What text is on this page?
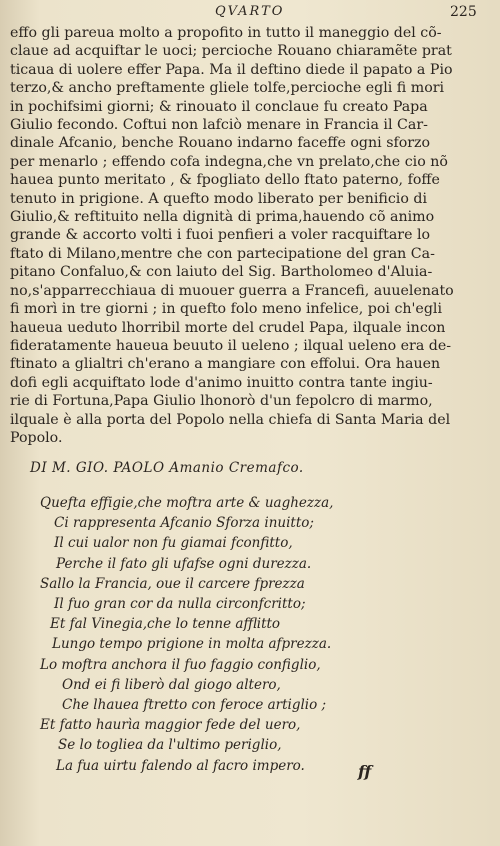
QVARTO	225

effo gli pareua molto a propofito in tutto il maneggio del cõ-
claue ad acquiftar le uoci; percioche Rouano chiaramẽte prat
ticaua di uolere effer Papa. Ma il deftino diede il papato a Pio
terzo,& ancho preftamente gliele tolfe,percioche egli fi mori
in pochifsimi giorni; & rinouato il conclaue fu creato Papa
Giulio fecondo. Coftui non lafciò menare in Francia il Car-
dinale Afcanio, benche Rouano indarno faceffe ogni sforzo
per menarlo ; effendo cofa indegna,che vn prelato,che cio nõ
haueа punto meritato , & fpogliato dello ftato paterno, foffe
tenuto in prigione. A quefto modo liberato per benificio di
Giulio,& reftituito nella dignità di prima,hauendo cõ animo
grande & accorto volti i fuoi penfieri a voler racquiftare lo
ftato di Milano,mentre che con partecipatione del gran Ca-
pitano Confaluo,& con laiuto del Sig. Bartholomeo d'Aluia-
no,s'apparrecchiaua di muouer guerra a Francefi, auuelenato
fi morì in tre giorni ; in quefto folo meno infelice, poi ch'egli
haueua ueduto lhorribil morte del crudel Papa, ilquale incon
fideratamente haueua beuuto il ueleno ; ilqual ueleno era de-
ftinato a glialtri ch'erano a mangiare con effolui. Ora hauen
dofi egli acquiftato lode d'animo inuitto contra tante ingiu-
rie di Fortuna,Papa Giulio lhonorò d'un fepolcro di marmo,
ilquale è alla porta del Popolo nella chiefa di Santa Maria del
Popolo.

DI M. GIO. PAOLO Amanio Cremafco.
Quefta effigie,che moftra arte & uaghezza,
Ci rappresenta Afcanio Sforza inuitto;
Il cui ualor non fu giamai fconfitto,
Perche il fato gli ufafse ogni durezza.
Sallo la Francia, oue il carcere fprezza
Il fuo gran cor da nulla circonfcritto;
Et fal Vinegia,che lo tenne afflitto
Lungo tempo prigione in molta afprezza.
Lo moftra anchora il fuo faggio configlio,
Ond ei fi liberò dal giogo altero,
Che lhaueа ftretto con feroce artiglio ;
Et fatto haurìa maggior fede del uero,
Se lo toglieа da l'ultimo periglio,
La fua uirtu falendo al facro impero.	ff
